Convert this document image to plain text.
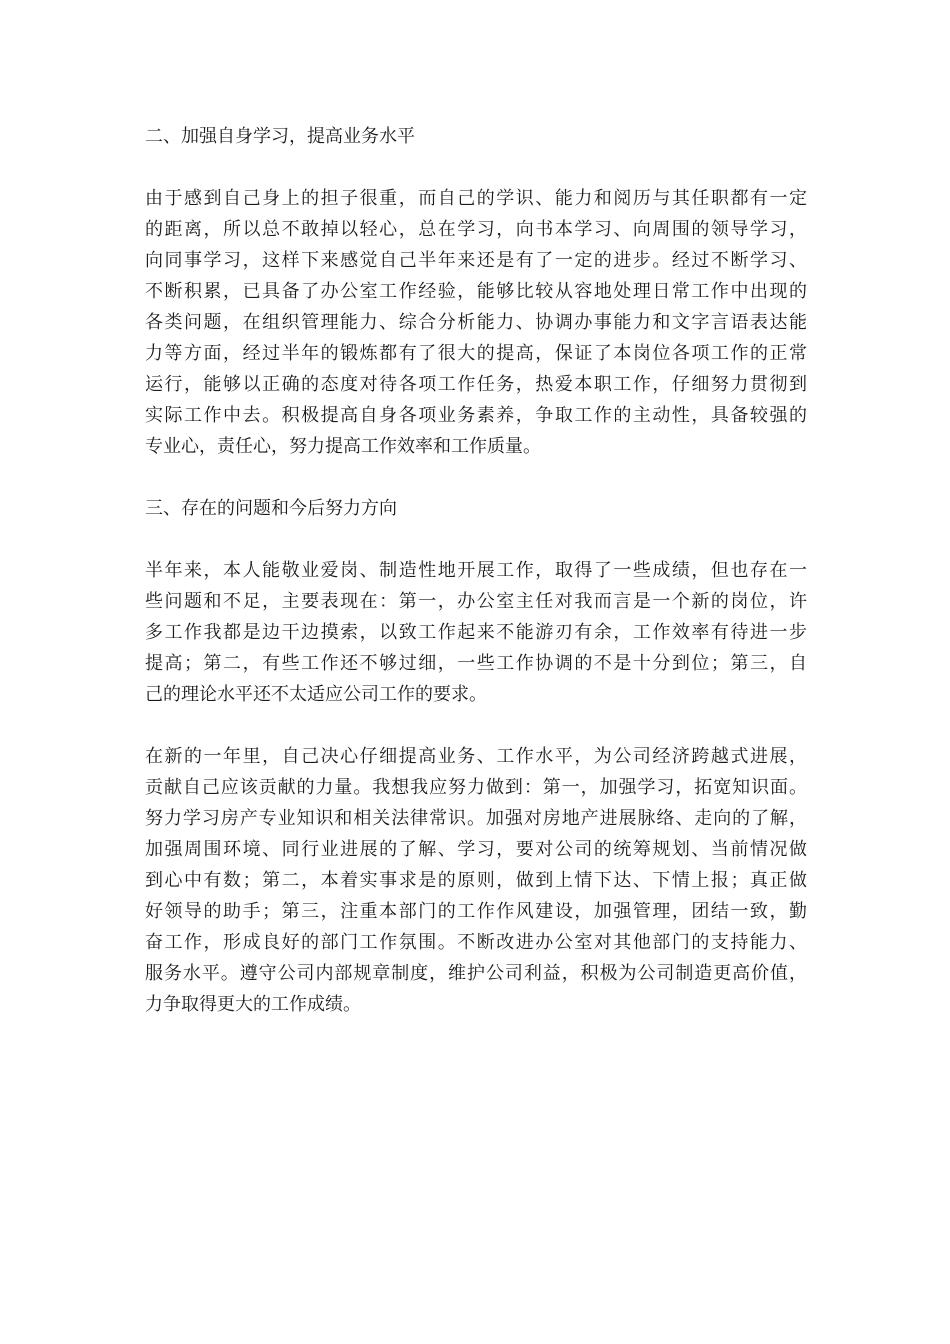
二、加强自身学习，提高业务水平

由于感到自己身上的担子很重，而自己的学识、能力和阅历与其任职都有一定
的距离，所以总不敢掉以轻心，总在学习，向书本学习、向周围的领导学习，
向同事学习，这样下来感觉自己半年来还是有了一定的进步。经过不断学习、
不断积累，已具备了办公室工作经验，能够比较从容地处理日常工作中出现的
各类问题，在组织管理能力、综合分析能力、协调办事能力和文字言语表达能
力等方面，经过半年的锻炼都有了很大的提高，保证了本岗位各项工作的正常
运行，能够以正确的态度对待各项工作任务，热爱本职工作，仔细努力贯彻到
实际工作中去。积极提高自身各项业务素养，争取工作的主动性，具备较强的
专业心，责任心，努力提高工作效率和工作质量。

三、存在的问题和今后努力方向

半年来，本人能敬业爱岗、制造性地开展工作，取得了一些成绩，但也存在一
些问题和不足，主要表现在：第一，办公室主任对我而言是一个新的岗位，许
多工作我都是边干边摸索，以致工作起来不能游刃有余，工作效率有待进一步
提高；第二，有些工作还不够过细，一些工作协调的不是十分到位；第三，自
己的理论水平还不太适应公司工作的要求。
在新的一年里，自己决心仔细提高业务、工作水平，为公司经济跨越式进展，
贡献自己应该贡献的力量。我想我应努力做到：第一，加强学习，拓宽知识面。
努力学习房产专业知识和相关法律常识。加强对房地产进展脉络、走向的了解，
加强周围环境、同行业进展的了解、学习，要对公司的统筹规划、当前情况做
到心中有数；第二，本着实事求是的原则，做到上情下达、下情上报；真正做
好领导的助手；第三，注重本部门的工作作风建设，加强管理，团结一致，勤
奋工作，形成良好的部门工作氛围。不断改进办公室对其他部门的支持能力、
服务水平。遵守公司内部规章制度，维护公司利益，积极为公司制造更高价值，
力争取得更大的工作成绩。
